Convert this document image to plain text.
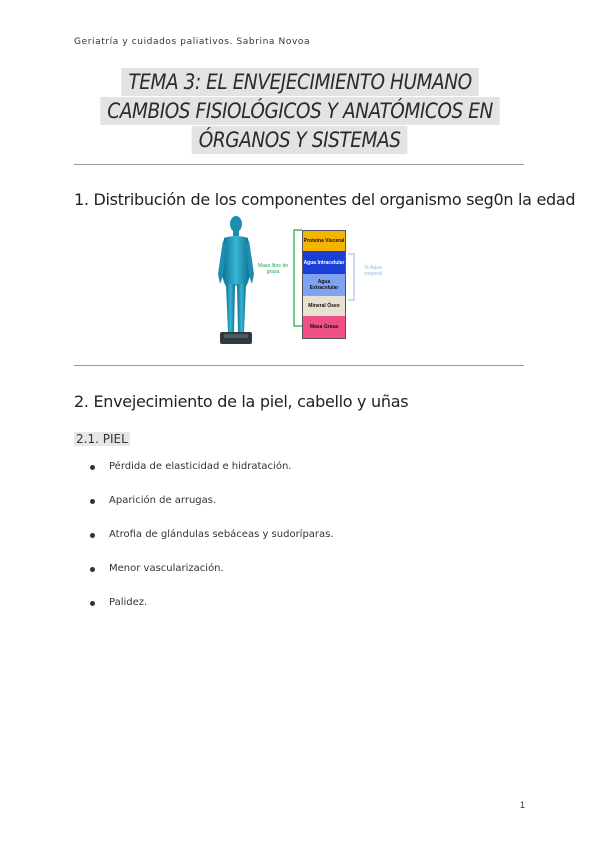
Geriatría y cuidados paliativos. Sabrina Novoa
TEMA 3: EL ENVEJECIMIENTO HUMANO
CAMBIOS FISIOLÓGICOS Y ANATÓMICOS EN
ÓRGANOS Y SISTEMAS
1. Distribución de los componentes del organismo seg0n la edad
Masa libre de grasa
Proteína Visceral
Agua Intracelular
Agua Extracelular
Mineral Óseo
Masa Grasa
% Agua corporal
2. Envejecimiento de la piel, cabello y uñas
2.1. PIEL
Pérdida de elasticidad e hidratación.
Aparición de arrugas.
Atrofia de glándulas sebáceas y sudoríparas.
Menor vascularización.
Palidez.
1
